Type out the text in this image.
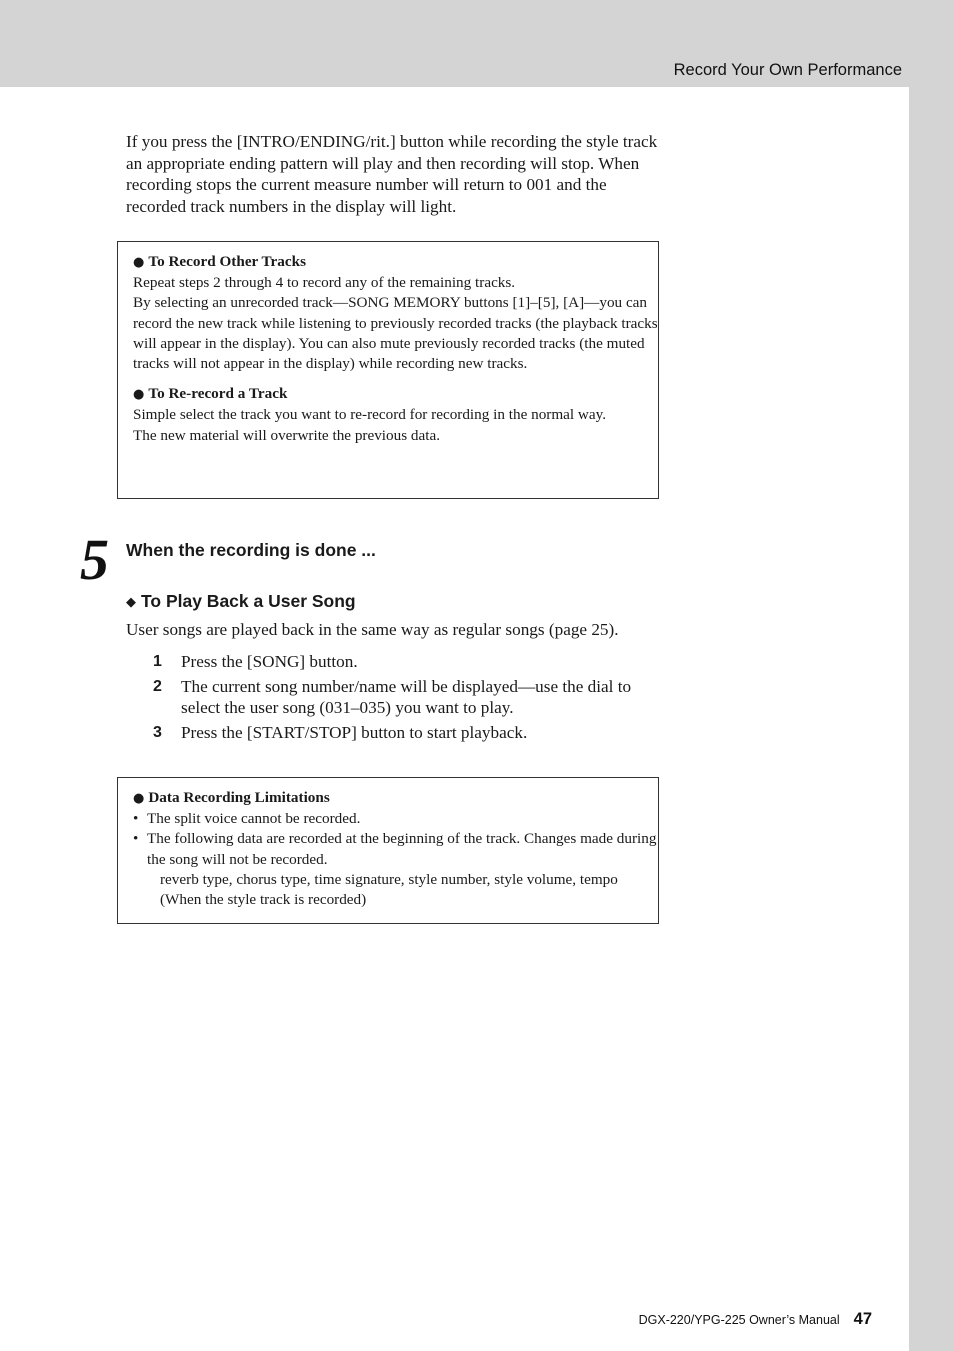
Record Your Own Performance

If you press the [INTRO/ENDING/rit.] button while recording the style track an appropriate ending pattern will play and then recording will stop. When recording stops the current measure number will return to 001 and the recorded track numbers in the display will light.

● To Record Other Tracks

Repeat steps 2 through 4 to record any of the remaining tracks.

By selecting an unrecorded track—SONG MEMORY buttons [1]–[5], [A]—you can record the new track while listening to previously recorded tracks (the playback tracks will appear in the display). You can also mute previously recorded tracks (the muted tracks will not appear in the display) while recording new tracks.

● To Re-record a Track

Simple select the track you want to re-record for recording in the normal way.

The new material will overwrite the previous data.

5 When the recording is done ...
◆ To Play Back a User Song

User songs are played back in the same way as regular songs (page 25).

1 Press the [SONG] button.

2 The current song number/name will be displayed—use the dial to select the user song (031–035) you want to play.

3 Press the [START/STOP] button to start playback.

● Data Recording Limitations

• The split voice cannot be recorded.

• The following data are recorded at the beginning of the track. Changes made during the song will not be recorded.

reverb type, chorus type, time signature, style number, style volume, tempo (When the style track is recorded)

DGX-220/YPG-225 Owner’s Manual 47
